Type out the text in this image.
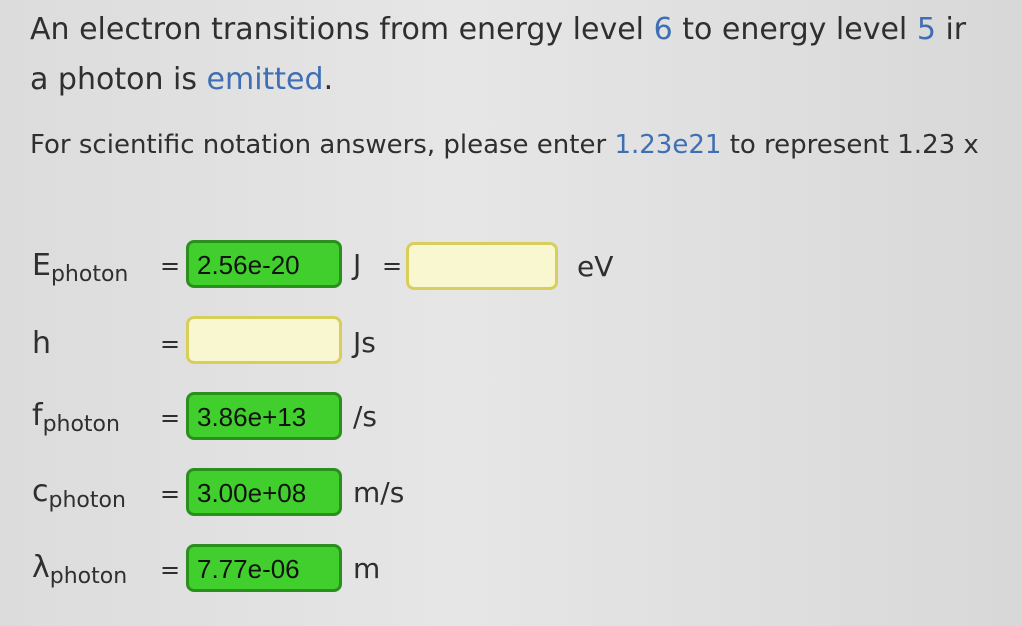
An electron transitions from energy level 6 to energy level 5 ir
a photon is emitted.
For scientific notation answers, please enter 1.23e21 to represent 1.23 x
$E_{photon} = 2.56e-20$	J =	eV
h	=	Js
$f_{photon} = 3.86e+13$	/s
$c_{photon} = 3.00e+08$	m/s
$\lambda_{photon} = 7.77e-06$	m
